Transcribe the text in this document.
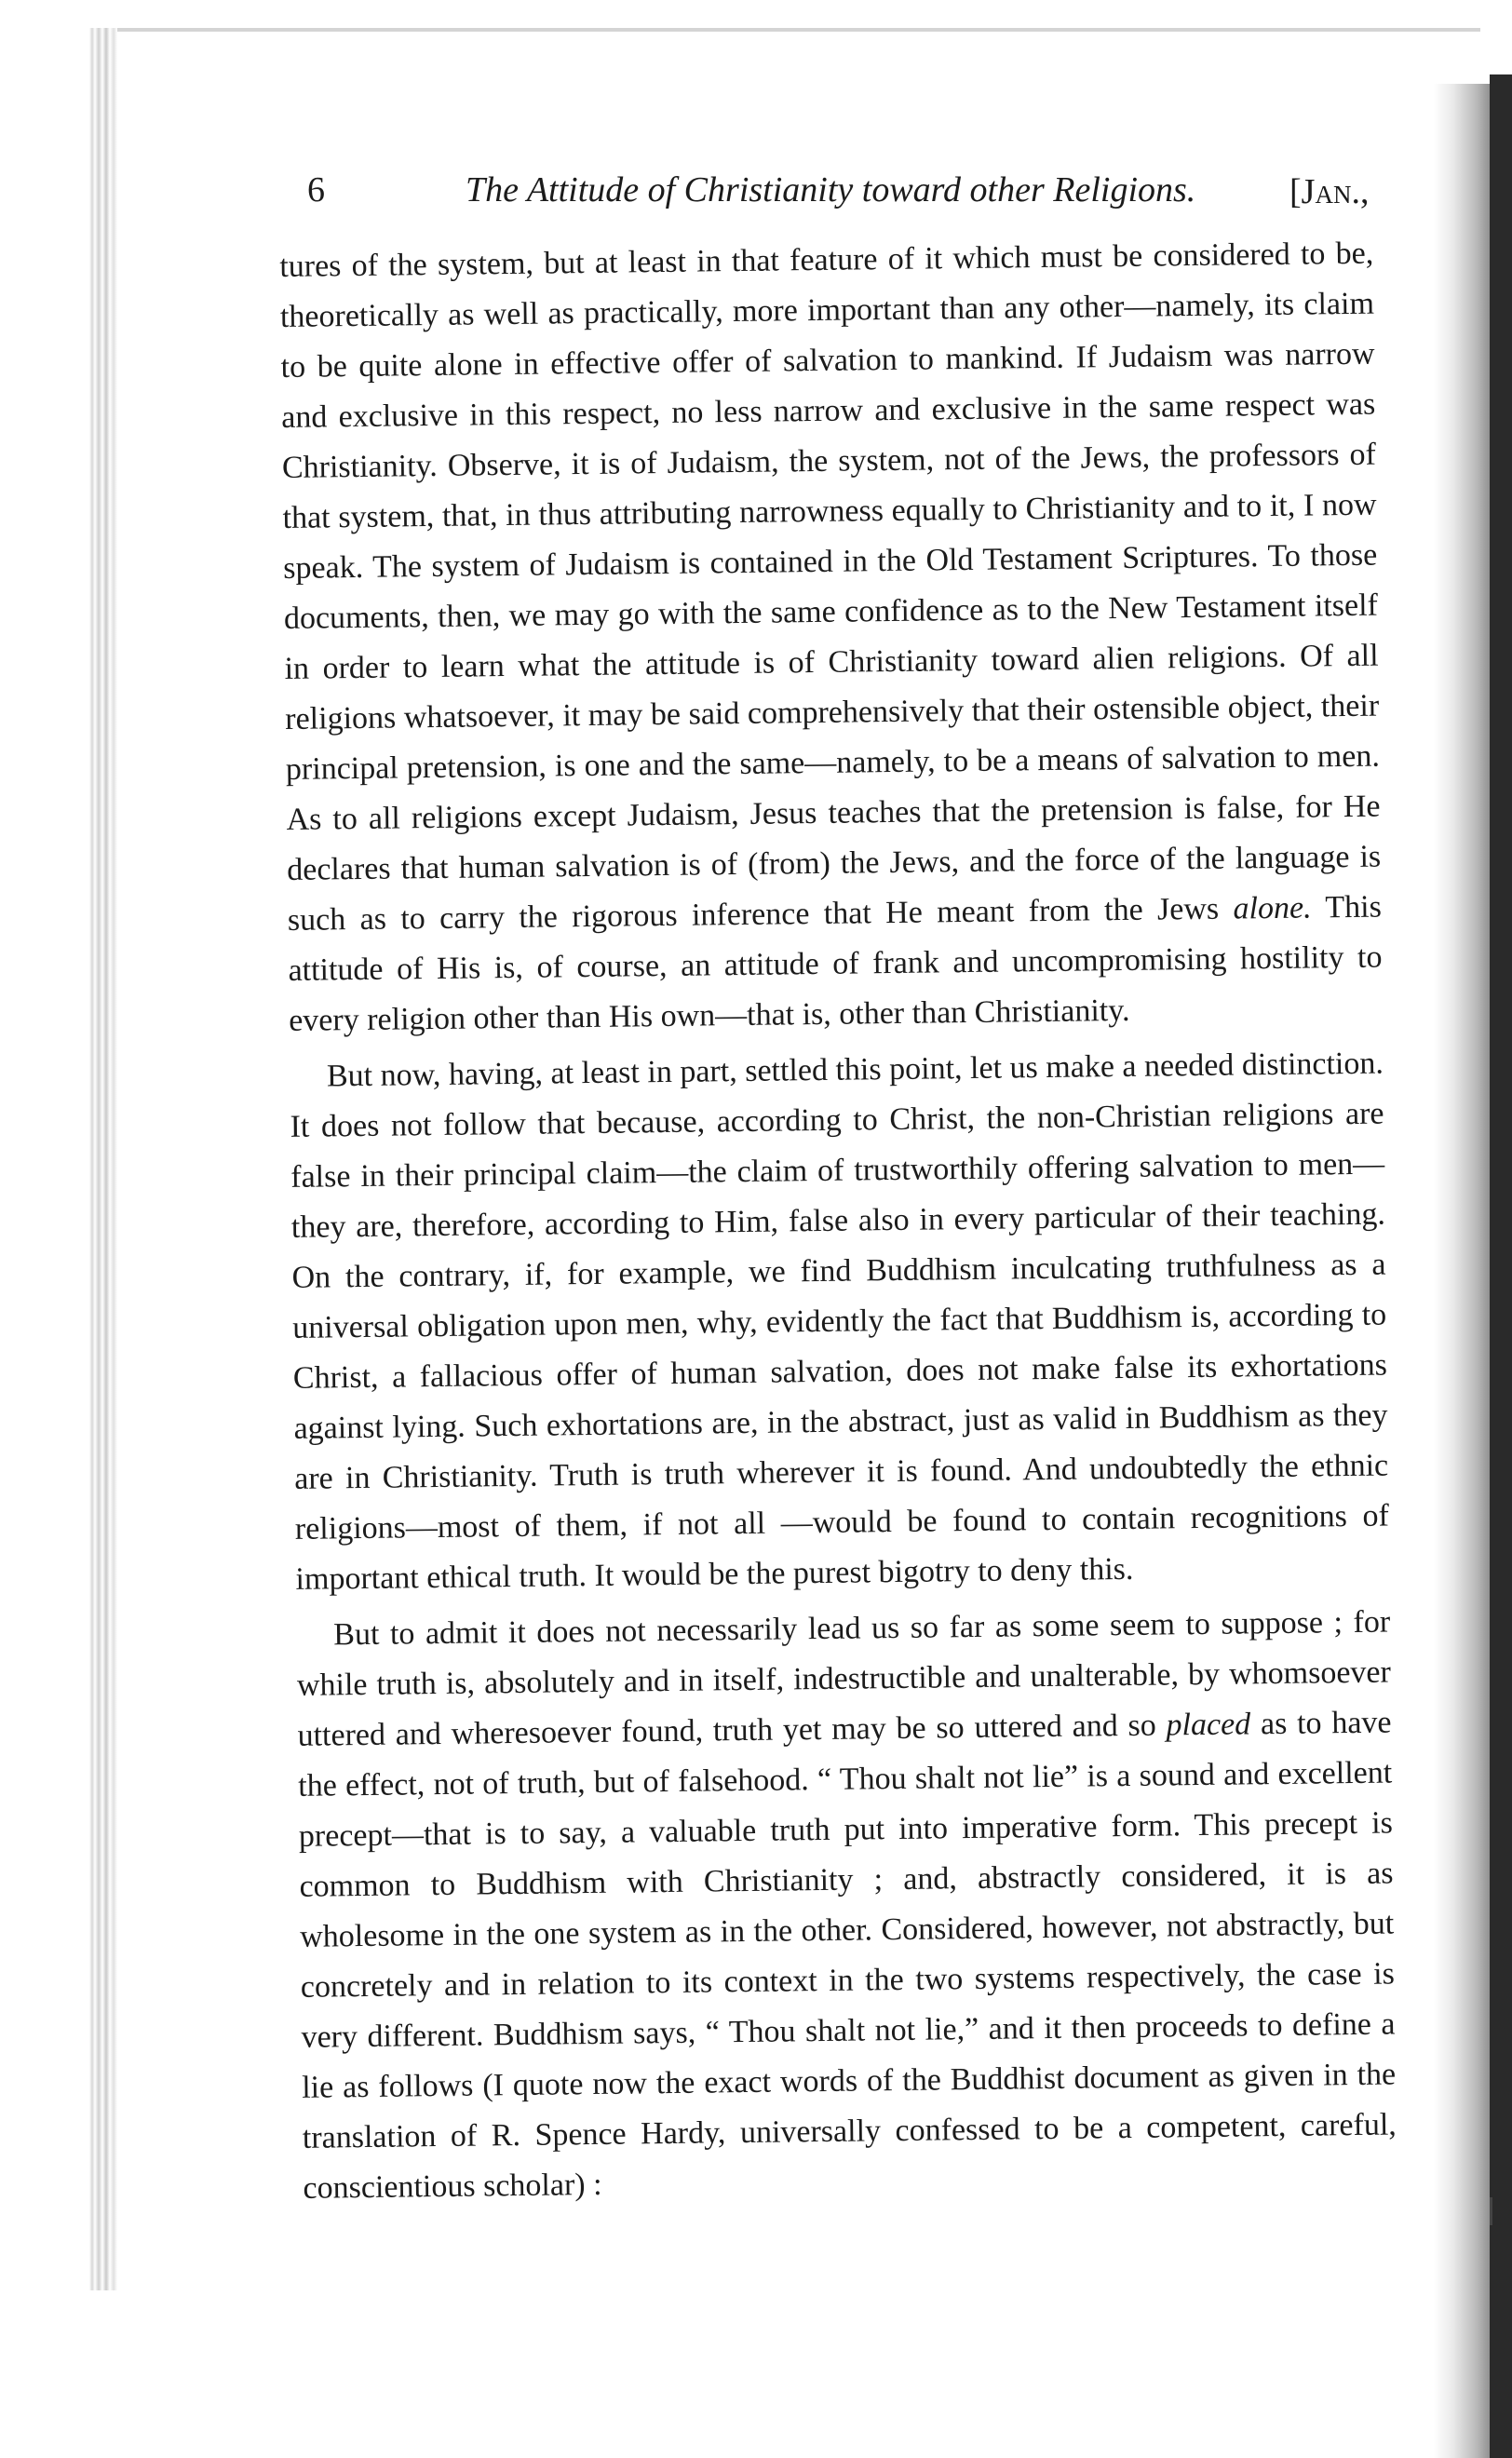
6	The Attitude of Christianity toward other Religions.	[Jan.,

tures of the system, but at least in that feature of it which must be considered to be, theoretically as well as practically, more important than any other—namely, its claim to be quite alone in effective offer of salvation to mankind. If Judaism was narrow and exclusive in this respect, no less narrow and exclusive in the same respect was Christianity. Observe, it is of Judaism, the system, not of the Jews, the professors of that system, that, in thus attributing narrowness equally to Christianity and to it, I now speak. The system of Judaism is contained in the Old Testament Scriptures. To those documents, then, we may go with the same confidence as to the New Testament itself in order to learn what the attitude is of Christianity toward alien religions. Of all religions whatsoever, it may be said comprehensively that their ostensible object, their principal pretension, is one and the same—namely, to be a means of salvation to men. As to all religions except Judaism, Jesus teaches that the pretension is false, for He declares that human salvation is of (from) the Jews, and the force of the language is such as to carry the rigorous inference that He meant from the Jews alone. This attitude of His is, of course, an attitude of frank and uncompromising hostility to every religion other than His own—that is, other than Christianity.

But now, having, at least in part, settled this point, let us make a needed distinction. It does not follow that because, according to Christ, the non-Christian religions are false in their principal claim—the claim of trustworthily offering salvation to men—they are, therefore, according to Him, false also in every particular of their teaching. On the contrary, if, for example, we find Buddhism inculcating truthfulness as a universal obligation upon men, why, evidently the fact that Buddhism is, according to Christ, a fallacious offer of human salvation, does not make false its exhortations against lying. Such exhortations are, in the abstract, just as valid in Buddhism as they are in Christianity. Truth is truth wherever it is found. And undoubtedly the ethnic religions—most of them, if not all —would be found to contain recognitions of important ethical truth. It would be the purest bigotry to deny this.

But to admit it does not necessarily lead us so far as some seem to suppose ; for while truth is, absolutely and in itself, indestructible and unalterable, by whomsoever uttered and wheresoever found, truth yet may be so uttered and so placed as to have the effect, not of truth, but of falsehood. “ Thou shalt not lie” is a sound and excellent precept—that is to say, a valuable truth put into imperative form. This precept is common to Buddhism with Christianity ; and, abstractly considered, it is as wholesome in the one system as in the other. Considered, however, not abstractly, but concretely and in relation to its context in the two systems respectively, the case is very different. Buddhism says, “ Thou shalt not lie,” and it then proceeds to define a lie as follows (I quote now the exact words of the Buddhist document as given in the translation of R. Spence Hardy, universally confessed to be a competent, careful, conscientious scholar) :
